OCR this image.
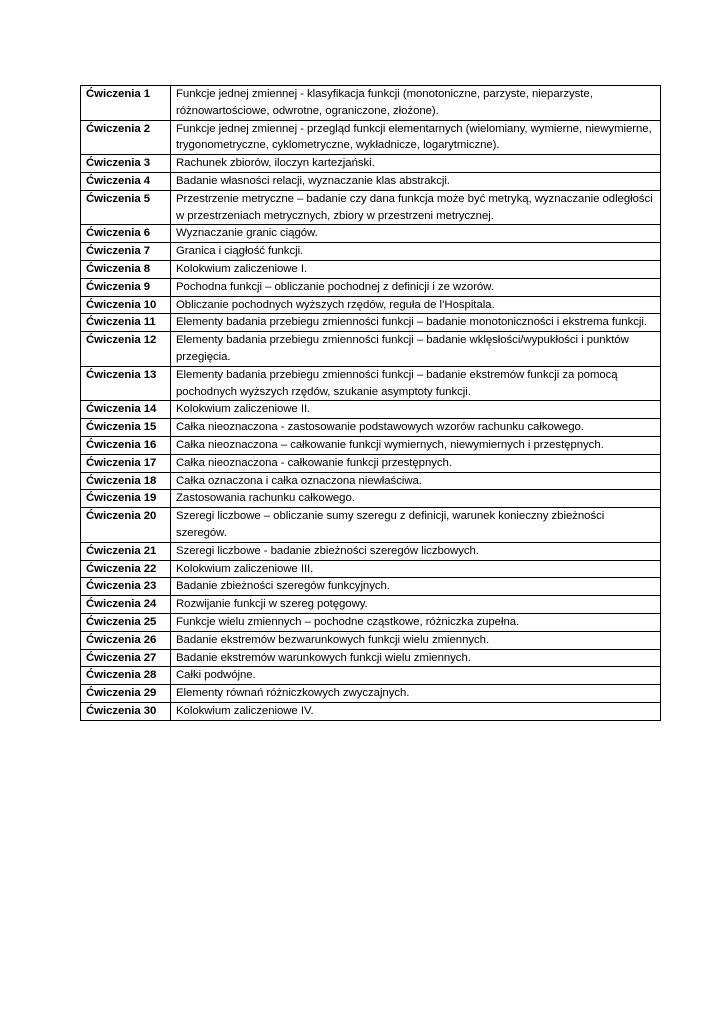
Ćwiczenia 1	Funkcje jednej zmiennej - klasyfikacja funkcji (monotoniczne, parzyste, nieparzyste, różnowartościowe, odwrotne, ograniczone, złożone).
Ćwiczenia 2	Funkcje jednej zmiennej - przegląd funkcji elementarnych (wielomiany, wymierne, niewymierne, trygonometryczne, cyklometryczne, wykładnicze, logarytmiczne).
Ćwiczenia 3	Rachunek zbiorów, iloczyn kartezjański.
Ćwiczenia 4	Badanie własności relacji, wyznaczanie klas abstrakcji.
Ćwiczenia 5	Przestrzenie metryczne – badanie czy dana funkcja może być metryką, wyznaczanie odległości w przestrzeniach metrycznych, zbiory w przestrzeni metrycznej.
Ćwiczenia 6	Wyznaczanie granic ciągów.
Ćwiczenia 7	Granica i ciągłość funkcji.
Ćwiczenia 8	Kolokwium zaliczeniowe I.
Ćwiczenia 9	Pochodna funkcji – obliczanie pochodnej z definicji i ze wzorów.
Ćwiczenia 10	Obliczanie pochodnych wyższych rzędów, reguła de l’Hospitala.
Ćwiczenia 11	Elementy badania przebiegu zmienności funkcji – badanie monotoniczności i ekstrema funkcji.
Ćwiczenia 12	Elementy badania przebiegu zmienności funkcji – badanie wklęsłości/wypukłości i punktów przegięcia.
Ćwiczenia 13	Elementy badania przebiegu zmienności funkcji – badanie ekstremów funkcji za pomocą pochodnych wyższych rzędów, szukanie asymptoty funkcji.
Ćwiczenia 14	Kolokwium zaliczeniowe II.
Ćwiczenia 15	Całka nieoznaczona - zastosowanie podstawowych wzorów rachunku całkowego.
Ćwiczenia 16	Całka nieoznaczona – całkowanie funkcji wymiernych, niewymiernych i przestępnych.
Ćwiczenia 17	Całka nieoznaczona - całkowanie funkcji przestępnych.
Ćwiczenia 18	Całka oznaczona i całka oznaczona niewłaściwa.
Ćwiczenia 19	Zastosowania rachunku całkowego.
Ćwiczenia 20	Szeregi liczbowe – obliczanie sumy szeregu z definicji, warunek konieczny zbieżności szeregów.
Ćwiczenia 21	Szeregi liczbowe - badanie zbieżności szeregów liczbowych.
Ćwiczenia 22	Kolokwium zaliczeniowe III.
Ćwiczenia 23	Badanie zbieżności szeregów funkcyjnych.
Ćwiczenia 24	Rozwijanie funkcji w szereg potęgowy.
Ćwiczenia 25	Funkcje wielu zmiennych – pochodne cząstkowe, różniczka zupełna.
Ćwiczenia 26	Badanie ekstremów bezwarunkowych funkcji wielu zmiennych.
Ćwiczenia 27	Badanie ekstremów warunkowych funkcji wielu zmiennych.
Ćwiczenia 28	Całki podwójne.
Ćwiczenia 29	Elementy równań różniczkowych zwyczajnych.
Ćwiczenia 30	Kolokwium zaliczeniowe IV.
